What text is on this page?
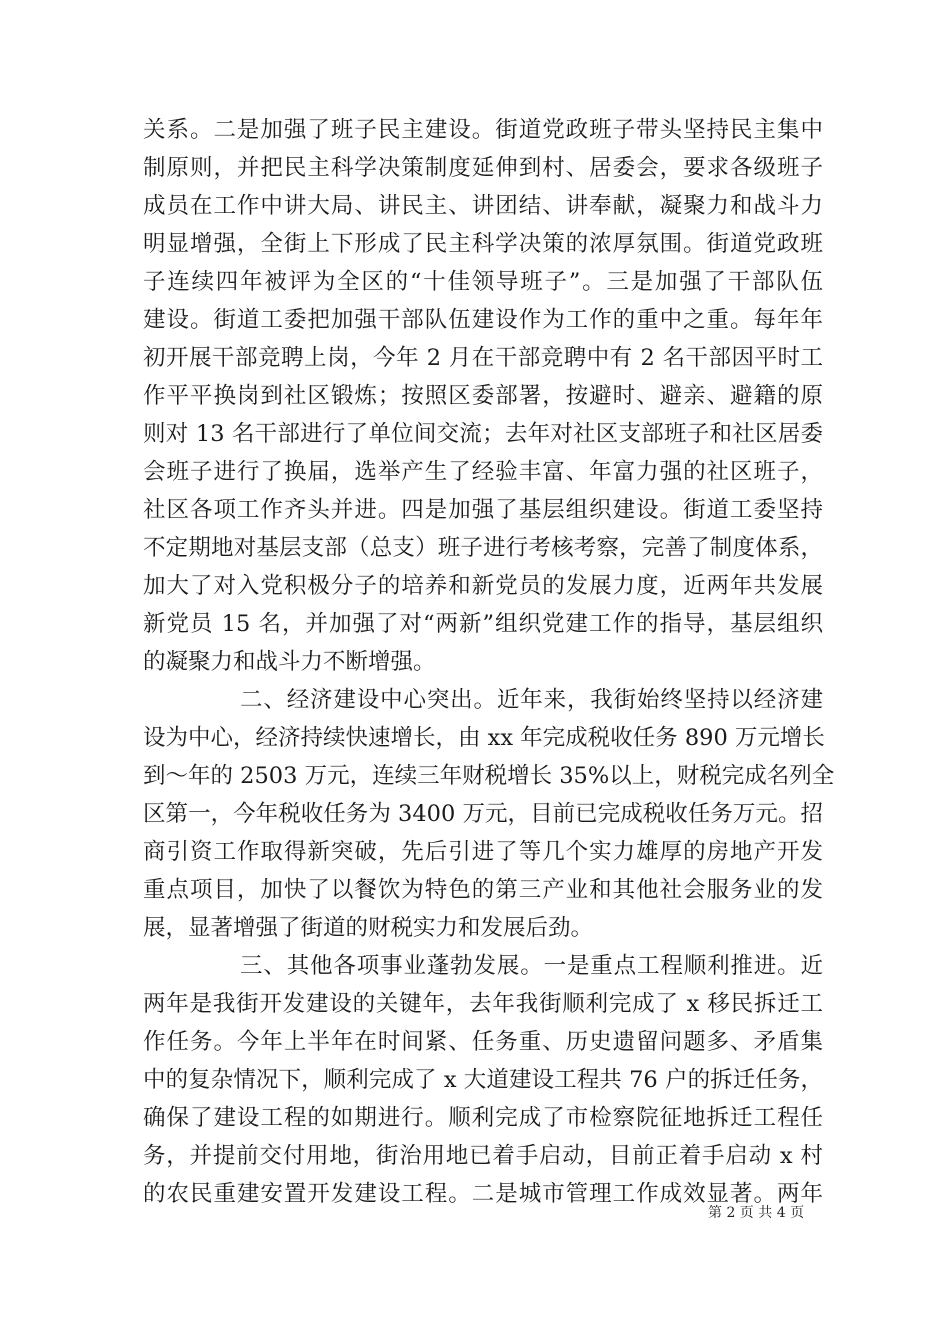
关系。二是加强了班子民主建设。街道党政班子带头坚持民主集中
制原则，并把民主科学决策制度延伸到村、居委会，要求各级班子
成员在工作中讲大局、讲民主、讲团结、讲奉献，凝聚力和战斗力
明显增强，全街上下形成了民主科学决策的浓厚氛围。街道党政班
子连续四年被评为全区的“十佳领导班子”。三是加强了干部队伍
建设。街道工委把加强干部队伍建设作为工作的重中之重。每年年
初开展干部竞聘上岗，今年 2 月在干部竞聘中有 2 名干部因平时工
作平平换岗到社区锻炼；按照区委部署，按避时、避亲、避籍的原
则对 13 名干部进行了单位间交流；去年对社区支部班子和社区居委
会班子进行了换届，选举产生了经验丰富、年富力强的社区班子，
社区各项工作齐头并进。四是加强了基层组织建设。街道工委坚持
不定期地对基层支部（总支）班子进行考核考察，完善了制度体系，
加大了对入党积极分子的培养和新党员的发展力度，近两年共发展
新党员 15 名，并加强了对“两新”组织党建工作的指导，基层组织
的凝聚力和战斗力不断增强。
二、经济建设中心突出。近年来，我街始终坚持以经济建
设为中心，经济持续快速增长，由 xx 年完成税收任务 890 万元增长
到～年的 2503 万元，连续三年财税增长 35%以上，财税完成名列全
区第一，今年税收任务为 3400 万元，目前已完成税收任务万元。招
商引资工作取得新突破，先后引进了等几个实力雄厚的房地产开发
重点项目，加快了以餐饮为特色的第三产业和其他社会服务业的发
展，显著增强了街道的财税实力和发展后劲。
三、其他各项事业蓬勃发展。一是重点工程顺利推进。近
两年是我街开发建设的关键年，去年我街顺利完成了 x 移民拆迁工
作任务。今年上半年在时间紧、任务重、历史遗留问题多、矛盾集
中的复杂情况下，顺利完成了 x 大道建设工程共 76 户的拆迁任务，
确保了建设工程的如期进行。顺利完成了市检察院征地拆迁工程任
务，并提前交付用地，街治用地已着手启动，目前正着手启动 x 村
的农民重建安置开发建设工程。二是城市管理工作成效显著。两年
第 2 页 共 4 页
